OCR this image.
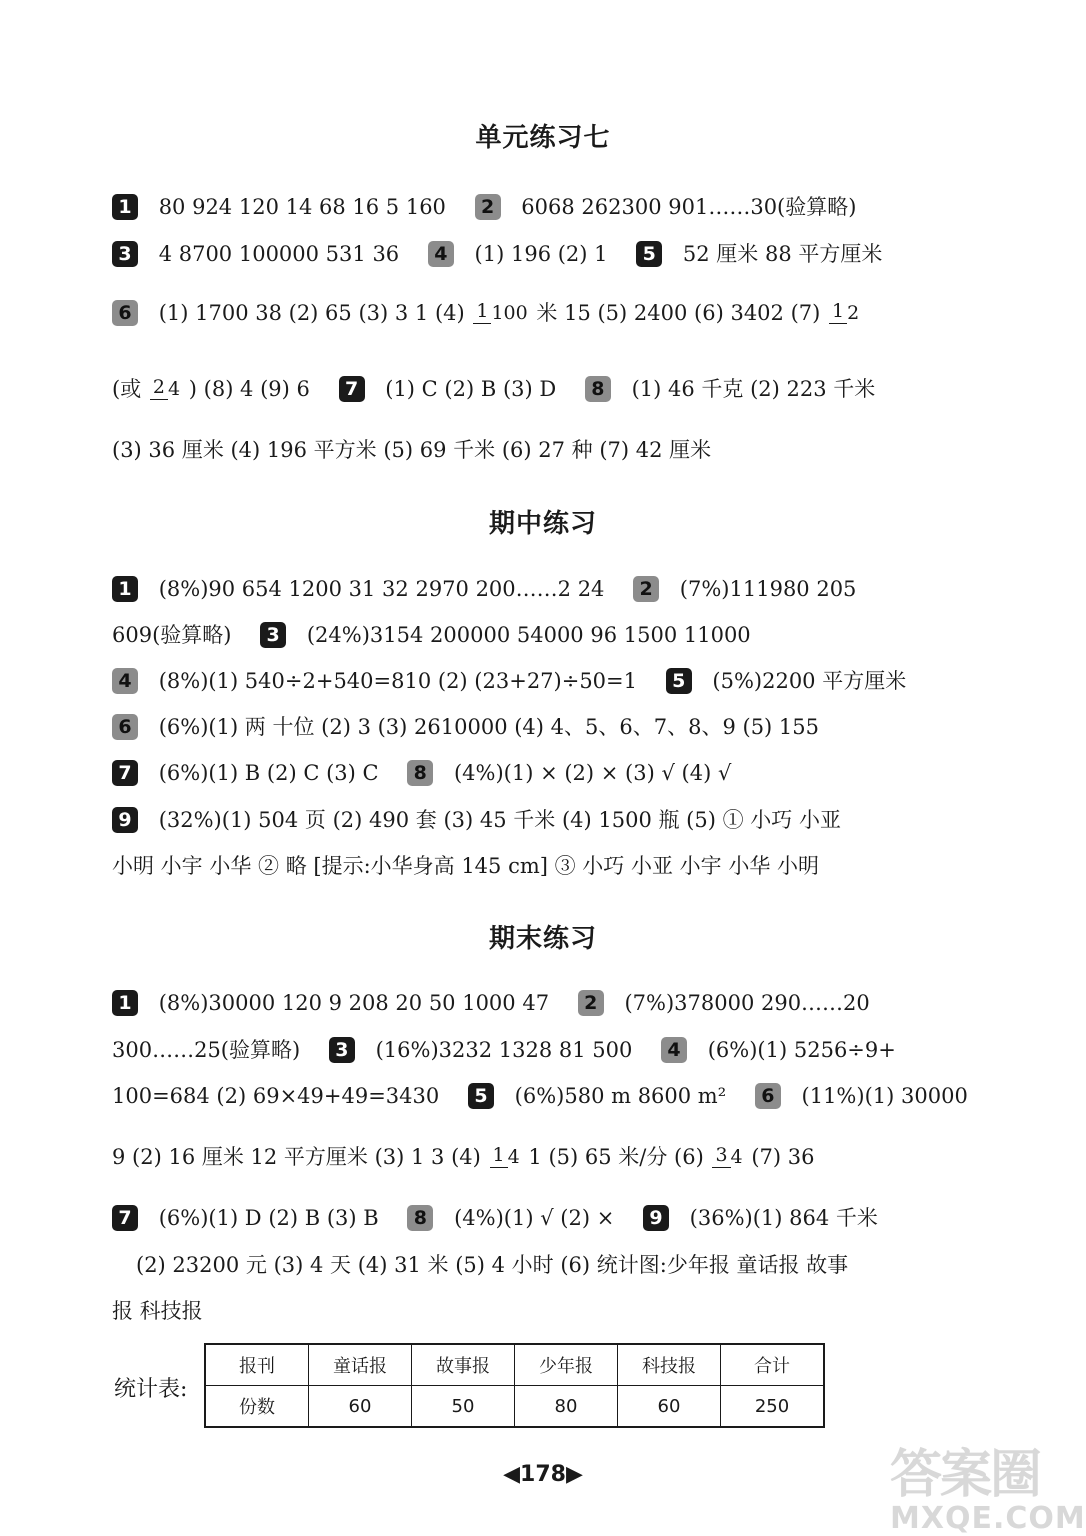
单元练习七
1 80 924 120 14 68 16 5 160 2 6068 262300 901……30(验算略)
3 4 8700 100000 531 36 4 (1) 196 (2) 1 5 52 厘米 88 平方厘米
6 (1) 1700 38 (2) 65 (3) 3 1 (4) 1 100 米 15 (5) 2400 (6) 3402 (7) 1 2
(或 2 4 ) (8) 4 (9) 6 7 (1) C (2) B (3) D 8 (1) 46 千克 (2) 223 千米
(3) 36 厘米 (4) 196 平方米 (5) 69 千米 (6) 27 种 (7) 42 厘米
期中练习
1 (8%)90 654 1200 31 32 2970 200……2 24 2 (7%)111980 205
609(验算略) 3 (24%)3154 200000 54000 96 1500 11000
4 (8%)(1) 540÷2+540=810 (2) (23+27)÷50=1 5 (5%)2200 平方厘米
6 (6%)(1) 两 十位 (2) 3 (3) 2610000 (4) 4、5、6、7、8、9 (5) 155
7 (6%)(1) B (2) C (3) C 8 (4%)(1) × (2) × (3) √ (4) √
9 (32%)(1) 504 页 (2) 490 套 (3) 45 千米 (4) 1500 瓶 (5) ① 小巧 小亚
小明 小宇 小华 ② 略 [提示:小华身高 145 cm] ③ 小巧 小亚 小宇 小华 小明
期末练习
1 (8%)30000 120 9 208 20 50 1000 47 2 (7%)378000 290……20
300……25(验算略) 3 (16%)3232 1328 81 500 4 (6%)(1) 5256÷9+
100=684 (2) 69×49+49=3430 5 (6%)580 m 8600 m² 6 (11%)(1) 30000
9 (2) 16 厘米 12 平方厘米 (3) 1 3 (4) 1 4 1 (5) 65 米/分 (6) 3 4 (7) 36
7 (6%)(1) D (2) B (3) B 8 (4%)(1) √ (2) × 9 (36%)(1) 864 千米
(2) 23200 元 (3) 4 天 (4) 31 米 (5) 4 小时 (6) 统计图:少年报 童话报 故事
报 科技报
统计表:
报刊	童话报	故事报	少年报	科技报	合计
份数	60	50	80	60	250
◀178▶	答案圈
MXQE.COM
